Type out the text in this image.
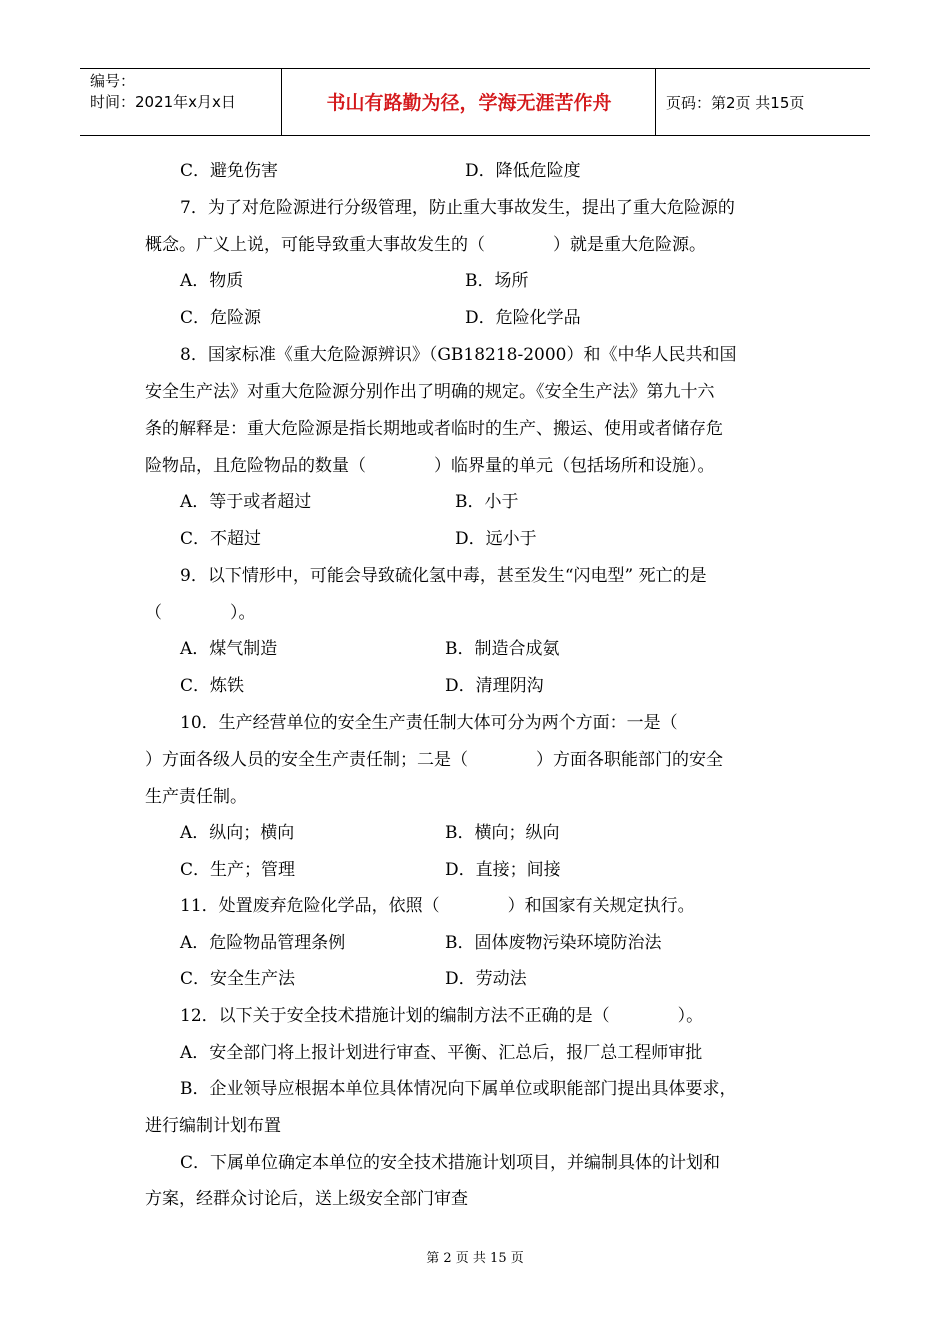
编号：
时间：2021年x月x日	书山有路勤为径，学海无涯苦作舟	页码：第2页 共15页
C．避免伤害	D．降低危险度
7．为了对危险源进行分级管理，防止重大事故发生，提出了重大危险源的
概念。广义上说，可能导致重大事故发生的（　　　　）就是重大危险源。
A．物质	B．场所
C．危险源	D．危险化学品
8．国家标准《重大危险源辨识》（GB18218-2000）和《中华人民共和国
安全生产法》对重大危险源分别作出了明确的规定。《安全生产法》第九十六
条的解释是：重大危险源是指长期地或者临时的生产、搬运、使用或者储存危
险物品，且危险物品的数量（　　　　）临界量的单元（包括场所和设施）。
A．等于或者超过	B．小于
C．不超过	D．远小于
9．以下情形中，可能会导致硫化氢中毒，甚至发生“闪电型” 死亡的是
（　　　　）。
A．煤气制造	B．制造合成氨
C．炼铁	D．清理阴沟
10．生产经营单位的安全生产责任制大体可分为两个方面：一是（
）方面各级人员的安全生产责任制；二是（　　　　）方面各职能部门的安全
生产责任制。
A．纵向；横向	B．横向；纵向
C．生产；管理	D．直接；间接
11．处置废弃危险化学品，依照（　　　　）和国家有关规定执行。
A．危险物品管理条例	B．固体废物污染环境防治法
C．安全生产法	D．劳动法
12．以下关于安全技术措施计划的编制方法不正确的是（　　　　）。
A．安全部门将上报计划进行审查、平衡、汇总后，报厂总工程师审批
B．企业领导应根据本单位具体情况向下属单位或职能部门提出具体要求，
进行编制计划布置
C．下属单位确定本单位的安全技术措施计划项目，并编制具体的计划和
方案，经群众讨论后，送上级安全部门审查
第 2 页 共 15 页
